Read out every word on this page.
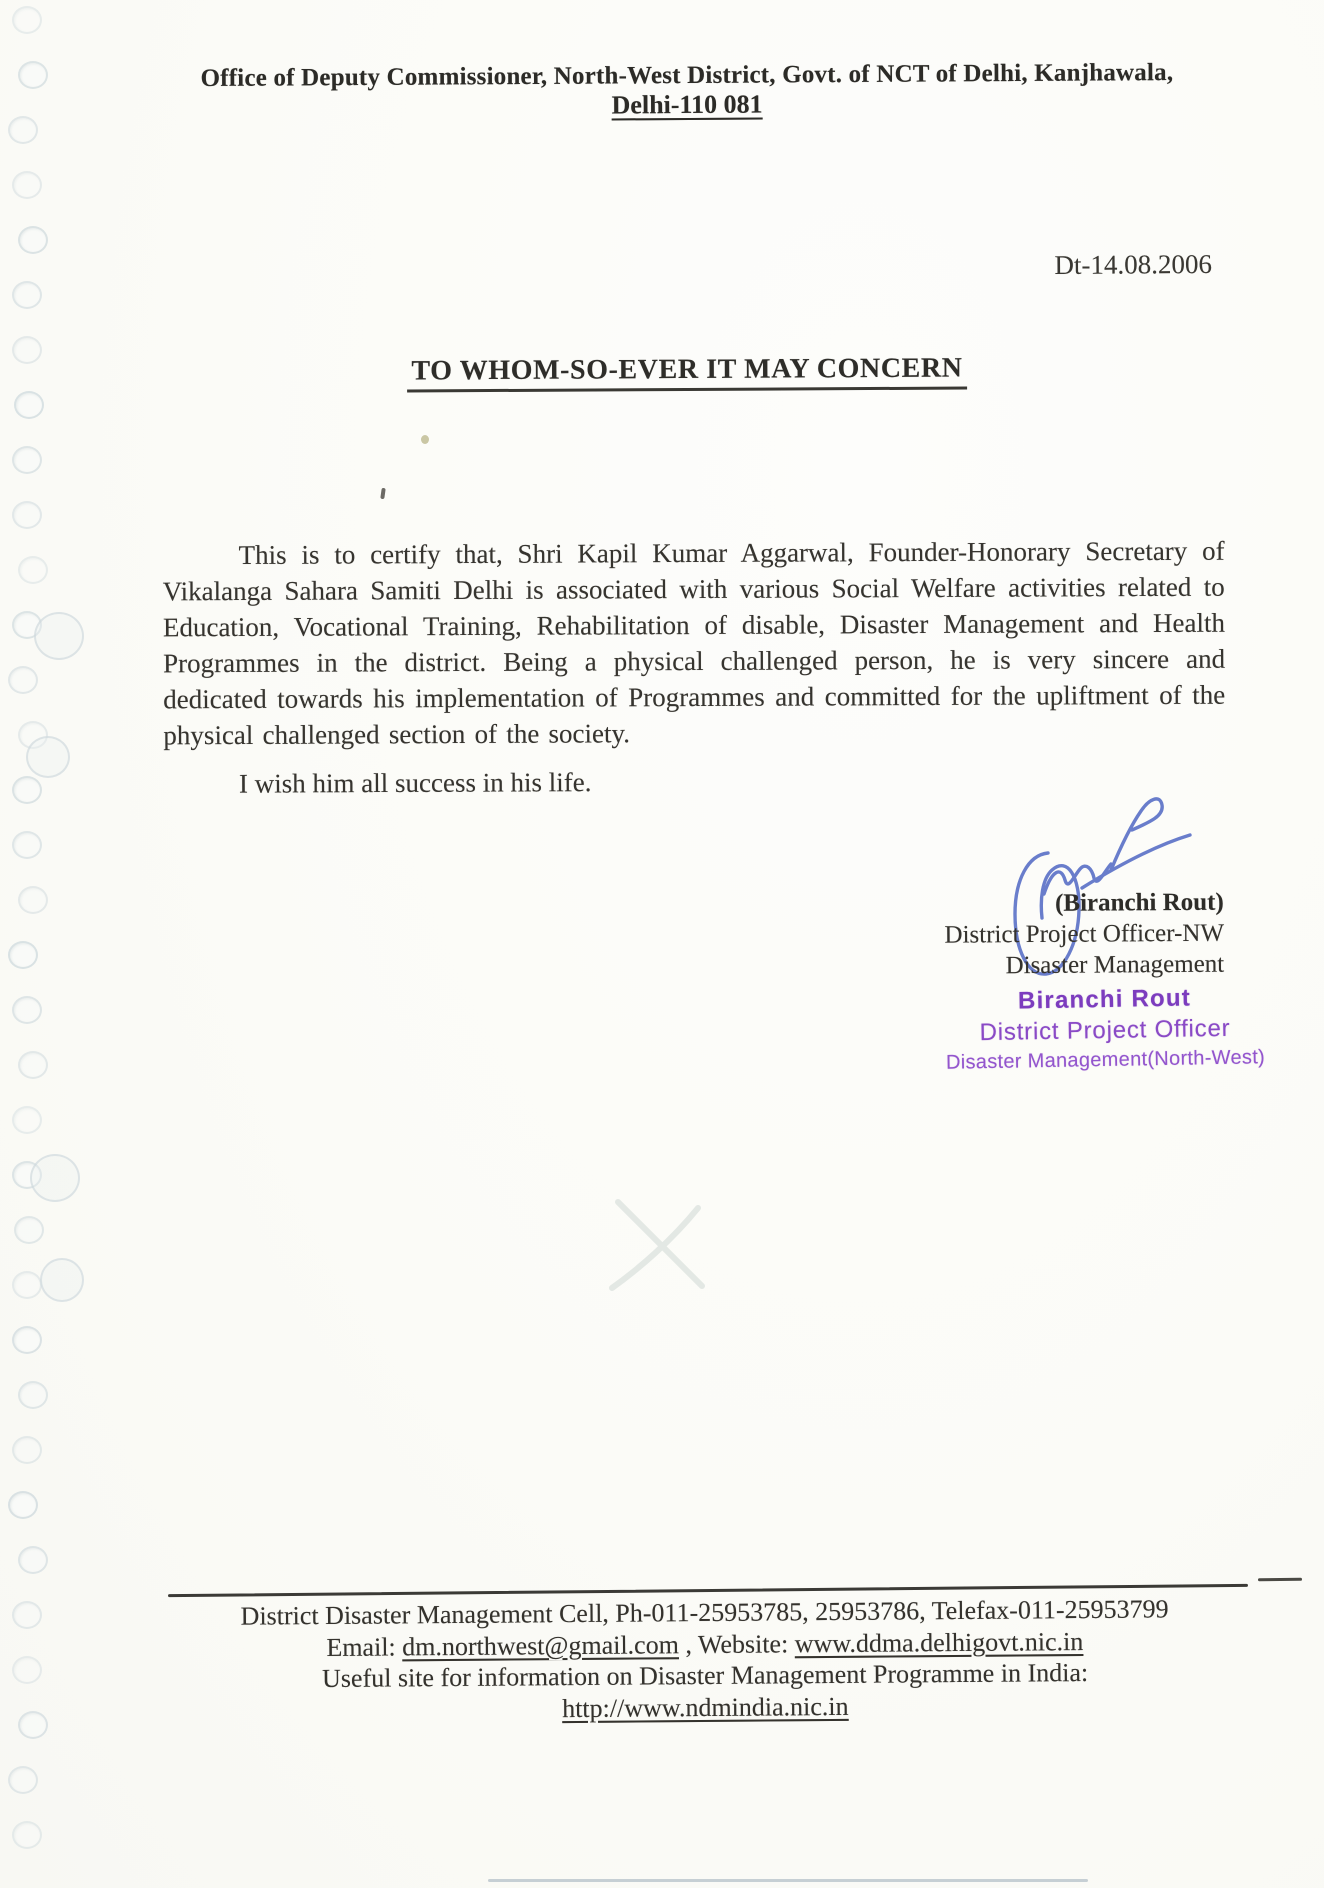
Office of Deputy Commissioner, North-West District, Govt. of NCT of Delhi, Kanjhawala,
Delhi-110 081
Dt-14.08.2006
TO WHOM-SO-EVER IT MAY CONCERN

This is to certify that, Shri Kapil Kumar Aggarwal, Founder-Honorary Secretary of Vikalanga Sahara Samiti Delhi is associated with various Social Welfare activities related to Education, Vocational Training, Rehabilitation of disable, Disaster Management and Health Programmes in the district. Being a physical challenged person, he is very sincere and dedicated towards his implementation of Programmes and committed for the upliftment of the physical challenged section of the society.

I wish him all success in his life.

(Biranchi Rout)
District Project Officer-NW
Disaster Management
Biranchi Rout
District Project Officer
Disaster Management(North-West)
District Disaster Management Cell, Ph-011-25953785, 25953786, Telefax-011-25953799
Email: dm.northwest@gmail.com , Website: www.ddma.delhigovt.nic.in
Useful site for information on Disaster Management Programme in India:
http://www.ndmindia.nic.in
